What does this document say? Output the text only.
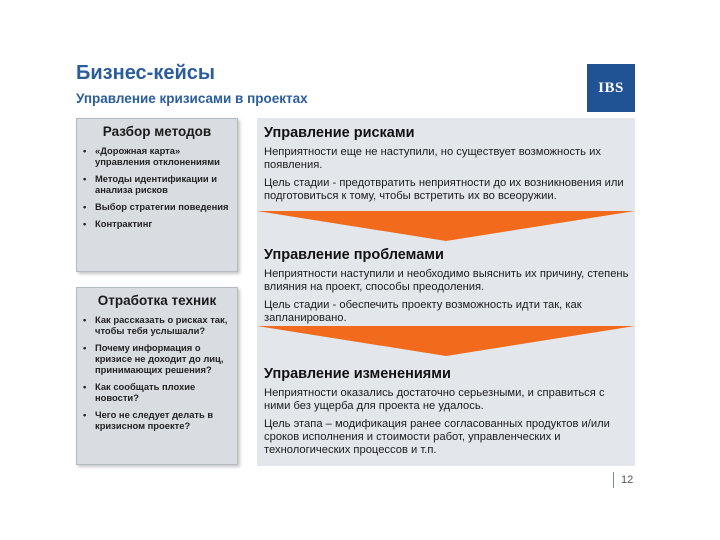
Бизнес-кейсы
Управление кризисами в проектах
IBS
Разбор методов
• «Дорожная карта» управления отклонениями
• Методы идентификации и анализа рисков
• Выбор стратегии поведения
• Контрактинг
Отработка техник
• Как рассказать о рисках так, чтобы тебя услышали?
• Почему информация о кризисе не доходит до лиц, принимающих решения?
• Как сообщать плохие новости?
• Чего не следует делать в кризисном проекте?
Управление рисками

Неприятности еще не наступили, но существует возможность их появления.

Цель стадии - предотвратить неприятности до их возникновения или подготовиться к тому, чтобы встретить их во всеоружии.

Управление проблемами

Неприятности наступили и необходимо выяснить их причину, степень влияния на проект, способы преодоления.

Цель стадии - обеспечить проекту возможность идти так, как запланировано.

Управление изменениями

Неприятности оказались достаточно серьезными, и справиться с ними без ущерба для проекта не удалось.

Цель этапа – модификация ранее согласованных продуктов и/или сроков исполнения и стоимости работ, управленческих и технологических процессов и т.п.

12
